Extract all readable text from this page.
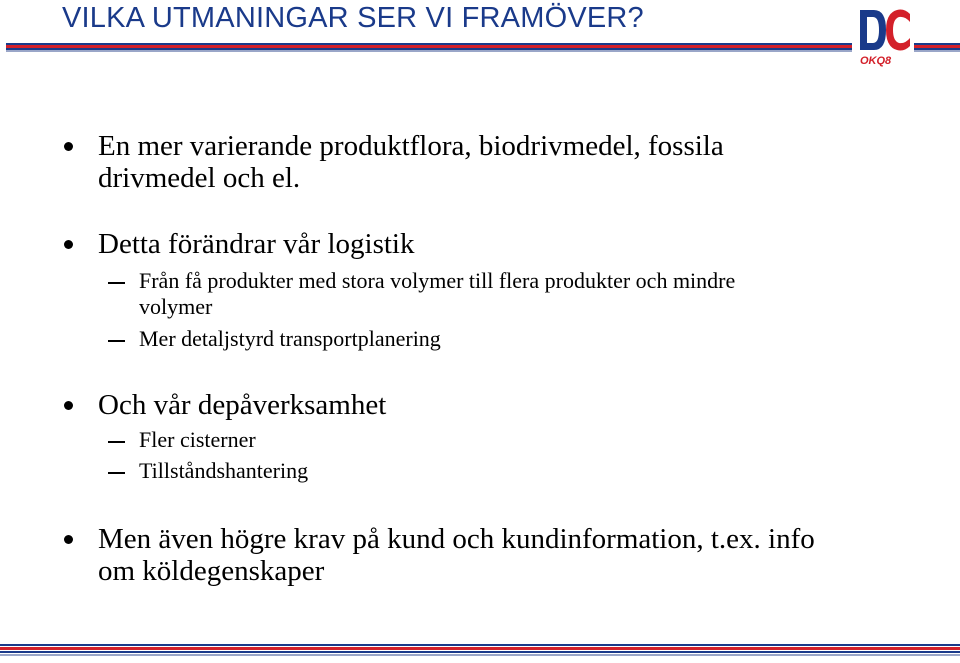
VILKA UTMANINGAR SER VI FRAMÖVER?
OKQ8
En mer varierande produktflora, biodrivmedel, fossila
drivmedel och el.
Detta förändrar vår logistik
Från få produkter med stora volymer till flera produkter och mindre
volymer
Mer detaljstyrd transportplanering
Och vår depåverksamhet
Fler cisterner
Tillståndshantering
Men även högre krav på kund och kundinformation, t.ex. info
om köldegenskaper
